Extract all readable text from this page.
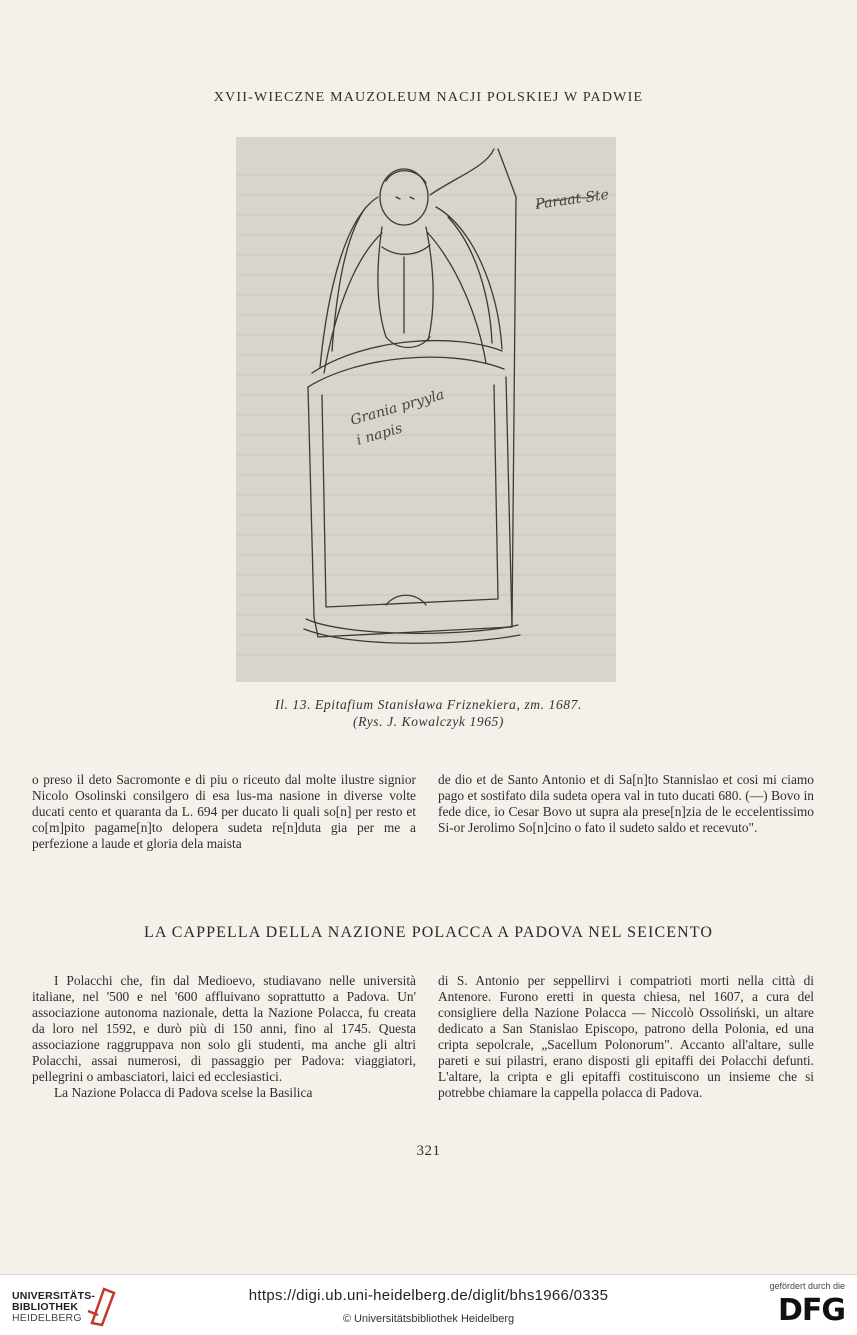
XVII-WIECZNE MAUZOLEUM NACJI POLSKIEJ W PADWIE
Paraat Ste
Grania pryyla
i napis
Il. 13. Epitafium Stanisława Friznekiera, zm. 1687.
(Rys. J. Kowalczyk 1965)

o preso il deto Sacromonte e di piu o riceuto dal molte ilustre signior Nicolo Osolinski consilgero di esa lus-ma nasione in diverse volte ducati cento et quaranta da L. 694 per ducato li quali so[n] per resto et co[m]pito pagame[n]to delopera sudeta re[n]duta gia per me a perfezione a laude et gloria dela maista

de dio et de Santo Antonio et di Sa[n]to Stannislao et cosi mi ciamo pago et sostifato dila sudeta opera val in tuto ducati 680. (—) Bovo in fede dice, io Cesar Bovo ut supra ala prese[n]zia de le eccelentissimo Si-or Jerolimo So[n]cino o fato il sudeto saldo et recevuto".

LA CAPPELLA DELLA NAZIONE POLACCA A PADOVA NEL SEICENTO

I Polacchi che, fin dal Medioevo, studiavano nelle università italiane, nel '500 e nel '600 affluivano soprattutto a Padova. Un' associazione autonoma nazionale, detta la Nazione Polacca, fu creata da loro nel 1592, e durò più di 150 anni, fino al 1745. Questa associazione raggruppava non solo gli studenti, ma anche gli altri Polacchi, assai numerosi, di passaggio per Padova: viaggiatori, pellegrini o ambasciatori, laici ed ecclesiastici.

La Nazione Polacca di Padova scelse la Basilica

di S. Antonio per seppellirvi i compatrioti morti nella città di Antenore. Furono eretti in questa chiesa, nel 1607, a cura del consigliere della Nazione Polacca — Niccolò Ossoliński, un altare dedicato a San Stanislao Episcopo, patrono della Polonia, ed una cripta sepolcrale, „Sacellum Polonorum". Accanto all'altare, sulle pareti e sui pilastri, erano disposti gli epitaffi dei Polacchi defunti. L'altare, la cripta e gli epitaffi costituiscono un insieme che si potrebbe chiamare la cappella polacca di Padova.

321
UNIVERSITÄTS-
BIBLIOTHEK
HEIDELBERG
https://digi.ub.uni-heidelberg.de/diglit/bhs1966/0335
© Universitätsbibliothek Heidelberg
gefördert durch die
DFG
